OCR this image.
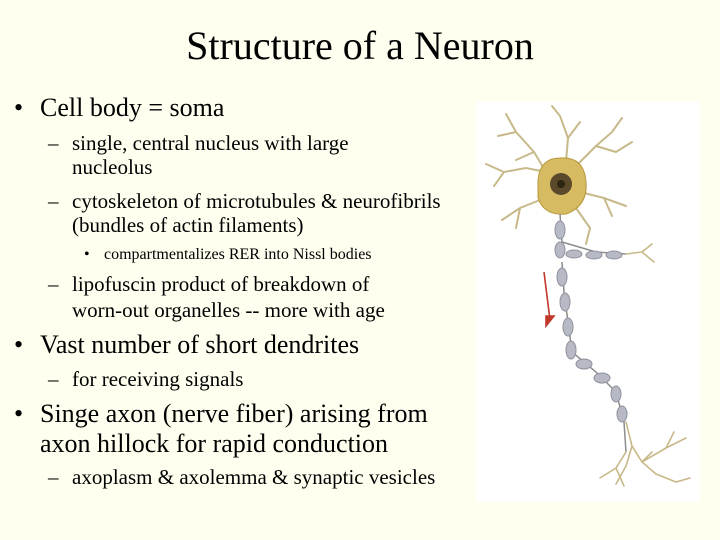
Structure of a Neuron
• Cell body = soma
– single, central nucleus with large
nucleolus
– cytoskeleton of microtubules & neurofibrils
(bundles of actin filaments)
• compartmentalizes RER into Nissl bodies
– lipofuscin product of breakdown of
worn-out organelles -- more with age
• Vast number of short dendrites
– for receiving signals
• Singe axon (nerve fiber) arising from
axon hillock for rapid conduction
– axoplasm & axolemma & synaptic vesicles
